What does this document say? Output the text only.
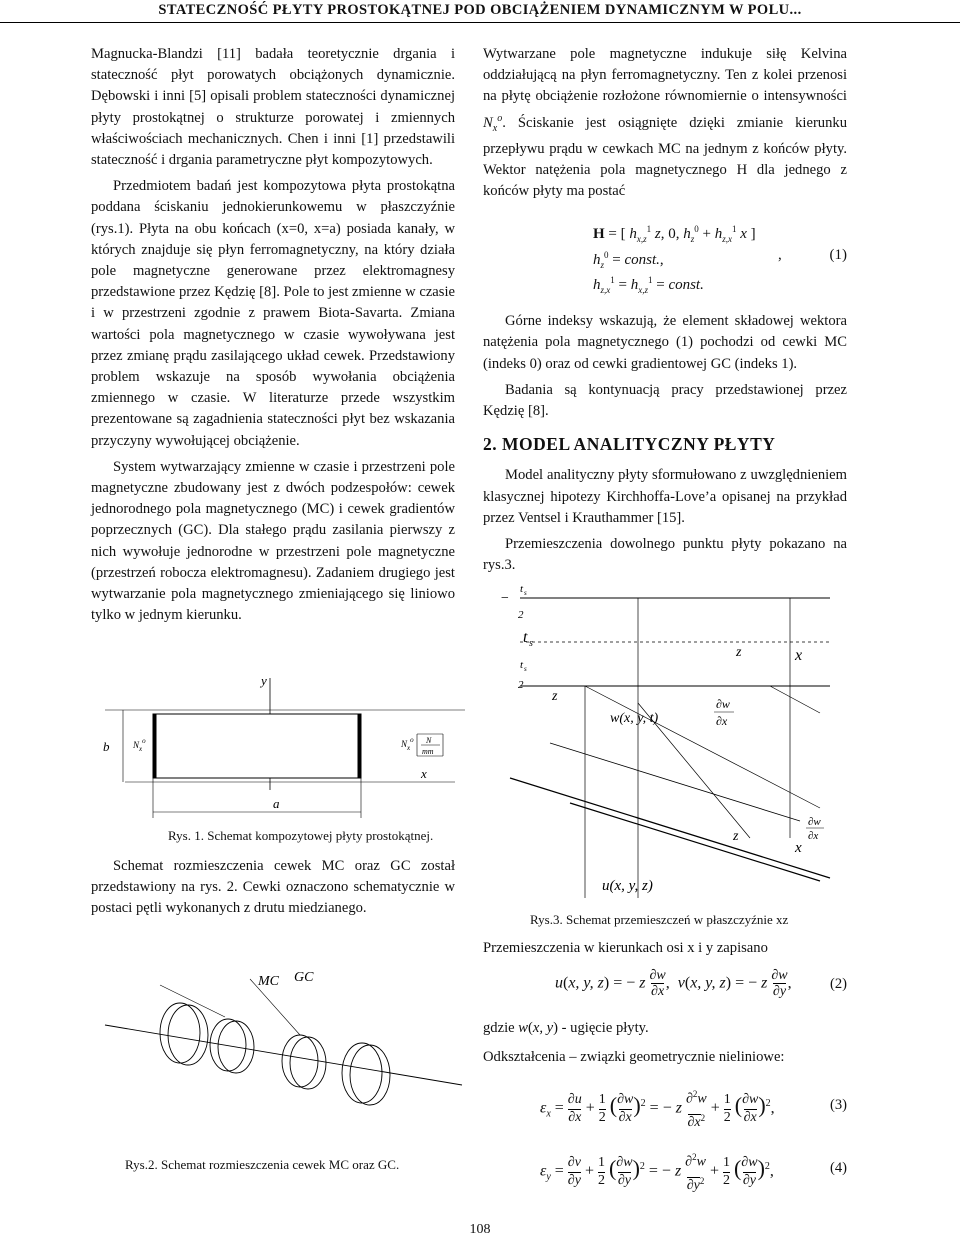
STATECZNOŚĆ PŁYTY PROSTOKĄTNEJ POD OBCIĄŻENIEM DYNAMICZNYM W POLU...

Magnucka-Blandzi [11] badała teoretycznie drgania i stateczność płyt porowatych obciążonych dynamicznie. Dębowski i inni [5] opisali problem stateczności dynamicznej płyty prostokątnej o strukturze porowatej i zmiennych właściwościach mechanicznych. Chen i inni [1] przedstawili stateczność i drgania parametryczne płyt kompozytowych.

Przedmiotem badań jest kompozytowa płyta prostokątna poddana ściskaniu jednokierunkowemu w płaszczyźnie (rys.1). Płyta na obu końcach (x=0, x=a) posiada kanały, w których znajduje się płyn ferromagnetyczny, na który działa pole magnetyczne generowane przez elektromagnesy przedstawione przez Kędzię [8]. Pole to jest zmienne w czasie i w przestrzeni zgodnie z prawem Biota-Savarta. Zmiana wartości pola magnetycznego w czasie wywoływana jest przez zmianę prądu zasilającego układ cewek. Przedstawiony problem wskazuje na sposób wywołania obciążenia zmiennego w czasie. W literaturze przede wszystkim prezentowane są zagadnienia stateczności płyt bez wskazania przyczyny wywołującej obciążenie.

System wytwarzający zmienne w czasie i przestrzeni pole magnetyczne zbudowany jest z dwóch podzespołów: cewek jednorodnego pola magnetycznego (MC) i cewek gradientów poprzecznych (GC). Dla stałego prądu zasilania pierwszy z nich wywołuje jednorodne w przestrzeni pole magnetyczne (przestrzeń robocza elektromagnesu). Zadaniem drugiego jest wytwarzanie pola magnetycznego zmieniającego się liniowo tylko w jednym kierunku.

y
b	$N_x^o$	$N_x^o$ N
mm
x
a
Rys. 1. Schemat kompozytowej płyty prostokątnej.

Schemat rozmieszczenia cewek MC oraz GC został przedstawiony na rys. 2. Cewki oznaczono schematycznie w postaci pętli wykonanych z drutu miedzianego.

MC GC
Rys.2. Schemat rozmieszczenia cewek MC oraz GC.

Wytwarzane pole magnetyczne indukuje siłę Kelvina oddziałującą na płyn ferromagnetyczny. Ten z kolei przenosi na płytę obciążenie rozłożone równomiernie o intensywności $N_x^o$. Ściskanie jest osiągnięte dzięki zmianie kierunku przepływu prądu w cewkach MC na jednym z końców płyty. Wektor natężenia pola magnetycznego H dla jednego z końców płyty ma postać

H = [ $h_{x,z}^1$ z, 0, $h_z^0 + h_{z,x}^1$ x ]
$h_z^0$ = const.,	,
$h_{z,x}^1 = h_{x,z}^1$ = const.
(1)

Górne indeksy wskazują, że element składowej wektora natężenia pola magnetycznego (1) pochodzi od cewki MC (indeks 0) oraz od cewki gradientowej GC (indeks 1).

Badania są kontynuacją pracy przedstawionej przez Kędzię [8].

2. MODEL ANALITYCZNY PŁYTY

Model analityczny płyty sformułowano z uwzględnieniem klasycznej hipotezy Kirchhoffa-Love’a opisanej na przykład przez Ventsel i Krauthammer [15].

Przemieszczenia dowolnego punktu płyty pokazano na rys.3.

−
t s
2
t s
t s
2
z
z	x
w(x, y, t)
∂w
∂x
z
x
∂w
∂x
u(x, y, z)
Rys.3. Schemat przemieszczeń w płaszczyźnie xz

Przemieszczenia w kierunkach osi x i y zapisano

u(x, y, z) = − z $\frac{\partial w}{\partial x}$,  v(x, y, z) = − z $\frac{\partial w}{\partial y}$,	(2)

gdzie w(x, y) - ugięcie płyty.

Odkształcenia – związki geometrycznie nieliniowe:

$\varepsilon_x = \frac{\partial u}{\partial x} + 1$
2 $(\frac{\partial w}{\partial x})^2$ = − z ∂$^2$w
$\partial x^2 + 1$
2 $(\frac{\partial w}{\partial x})^2$,	(3)
$\varepsilon_y = \frac{\partial v}{\partial y} + 1$
2 $(\frac{\partial w}{\partial y})^2$ = − z ∂$^2$w
$\partial y^2 + 1$
2 $(\frac{\partial w}{\partial y})^2$,	(4)
108
